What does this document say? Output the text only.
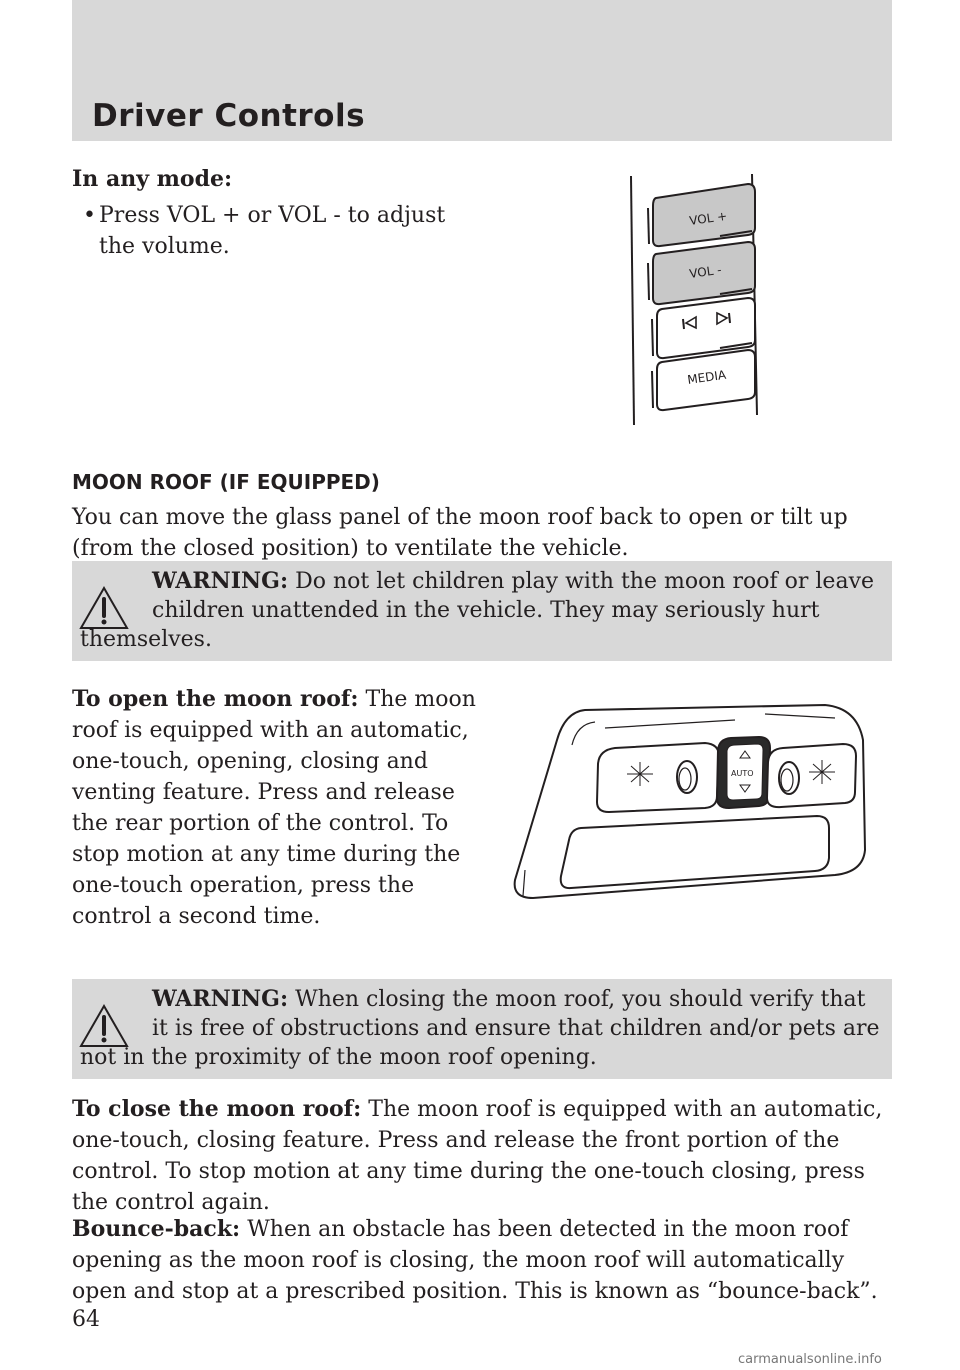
Driver Controls
In any mode:
• Press VOL + or VOL - to adjust
the volume.
VOL +
VOL -
MEDIA
MOON ROOF (IF EQUIPPED)
You can move the glass panel of the moon roof back to open or tilt up
(from the closed position) to ventilate the vehicle.
WARNING: Do not let children play with the moon roof or leave
children unattended in the vehicle. They may seriously hurt
themselves.
To open the moon roof: The moon
roof is equipped with an automatic,
one-touch, opening, closing and
venting feature. Press and release
the rear portion of the control. To
stop motion at any time during the
one-touch operation, press the
control a second time.
AUTO
WARNING: When closing the moon roof, you should verify that
it is free of obstructions and ensure that children and/or pets are
not in the proximity of the moon roof opening.
To close the moon roof: The moon roof is equipped with an automatic,
one-touch, closing feature. Press and release the front portion of the
control. To stop motion at any time during the one-touch closing, press
the control again.
Bounce-back: When an obstacle has been detected in the moon roof
opening as the moon roof is closing, the moon roof will automatically
open and stop at a prescribed position. This is known as “bounce-back”.
64
carmanualsonline.info
